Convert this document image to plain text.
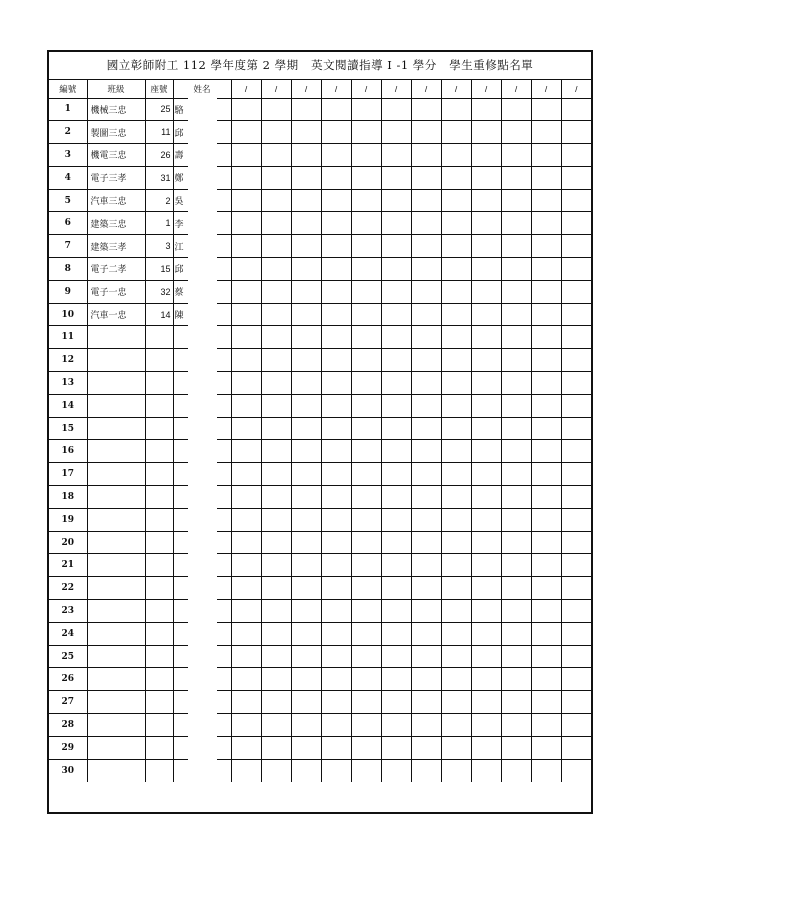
國立彰師附工 112 學年度第 2 學期   英文閱讀指導 I -1 學分   學生重修點名單
編號	班級	座號	姓名	/	/	/	/	/	/	/	/	/	/	/	/
1	機械三忠	25	駱												
2	製圖三忠	11	邱												
3	機電三忠	26	壽												
4	電子三孝	31	鄭												
5	汽車三忠	2	吳												
6	建築三忠	1	李												
7	建築三孝	3	江												
8	電子二孝	15	邱												
9	電子一忠	32	蔡												
10	汽車一忠	14	陳												
11															
12															
13															
14															
15															
16															
17															
18															
19															
20															
21															
22															
23															
24															
25															
26															
27															
28															
29															
30															
